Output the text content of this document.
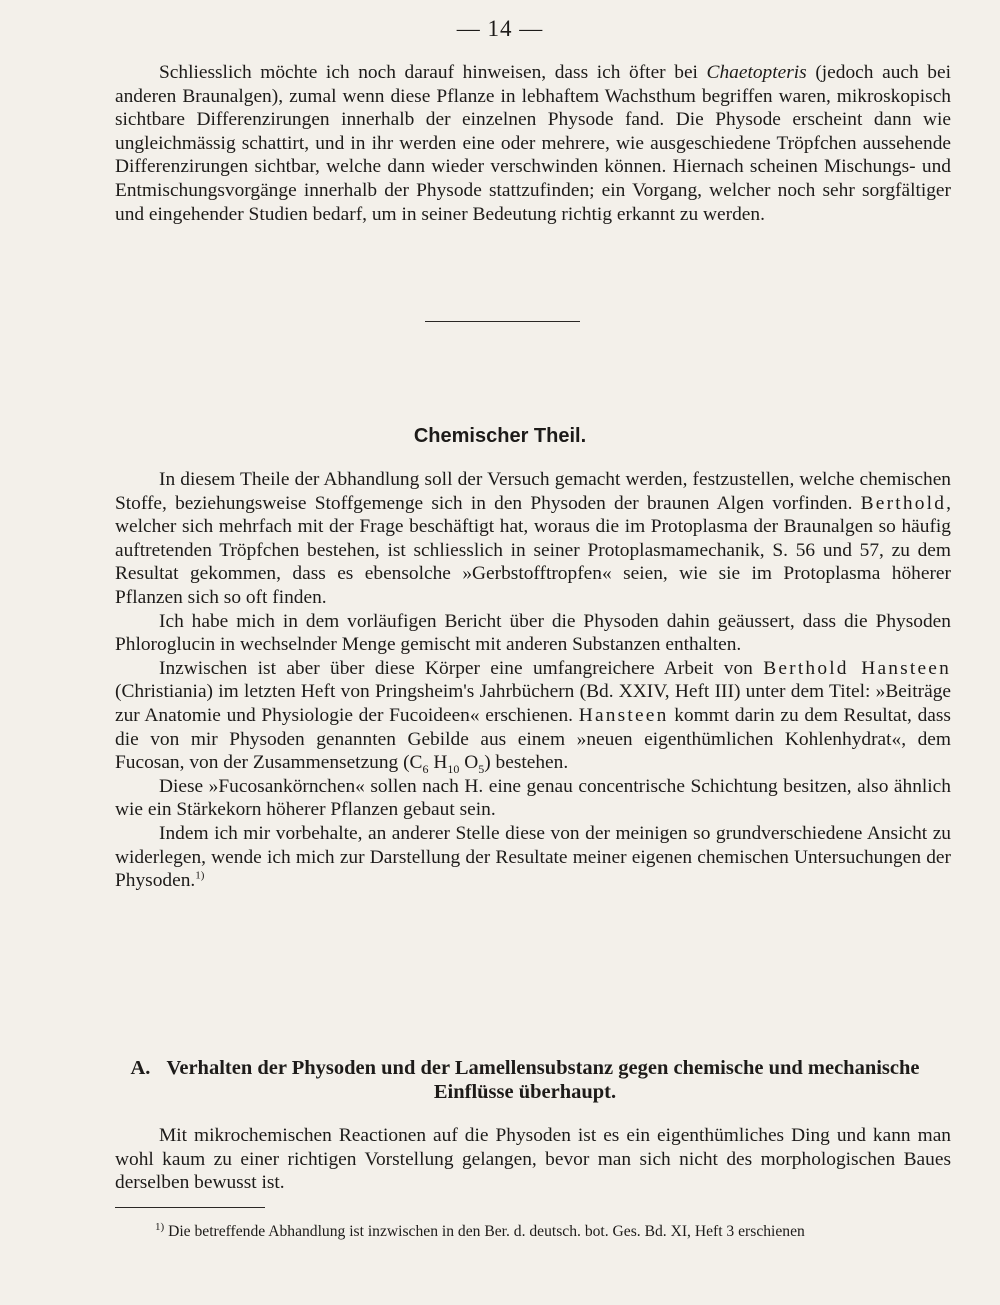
— 14 —

Schliesslich möchte ich noch darauf hinweisen, dass ich öfter bei Chaetopteris (jedoch auch bei anderen Braunalgen), zumal wenn diese Pflanze in lebhaftem Wachsthum begriffen waren, mikroskopisch sichtbare Differenzirungen innerhalb der einzelnen Physode fand. Die Physode erscheint dann wie ungleichmässig schattirt, und in ihr werden eine oder mehrere, wie ausgeschiedene Tröpfchen aussehende Differenzirungen sichtbar, welche dann wieder verschwinden können. Hiernach scheinen Mischungs- und Entmischungsvorgänge innerhalb der Physode stattzufinden; ein Vorgang, welcher noch sehr sorgfältiger und eingehender Studien bedarf, um in seiner Bedeutung richtig erkannt zu werden.

Chemischer Theil.

In diesem Theile der Abhandlung soll der Versuch gemacht werden, festzustellen, welche chemischen Stoffe, beziehungsweise Stoffgemenge sich in den Physoden der braunen Algen vorfinden. Berthold, welcher sich mehrfach mit der Frage beschäftigt hat, woraus die im Protoplasma der Braunalgen so häufig auftretenden Tröpfchen bestehen, ist schliesslich in seiner Protoplasmamechanik, S. 56 und 57, zu dem Resultat gekommen, dass es ebensolche »Gerbstofftropfen« seien, wie sie im Protoplasma höherer Pflanzen sich so oft finden.

Ich habe mich in dem vorläufigen Bericht über die Physoden dahin geäussert, dass die Physoden Phloroglucin in wechselnder Menge gemischt mit anderen Substanzen enthalten.

Inzwischen ist aber über diese Körper eine umfangreichere Arbeit von Berthold Hansteen (Christiania) im letzten Heft von Pringsheim's Jahrbüchern (Bd. XXIV, Heft III) unter dem Titel: »Beiträge zur Anatomie und Physiologie der Fucoideen« erschienen. Hansteen kommt darin zu dem Resultat, dass die von mir Physoden genannten Gebilde aus einem »neuen eigenthümlichen Kohlenhydrat«, dem Fucosan, von der Zusammensetzung ($C_6$ $H_{10}$ $O_5$) bestehen.

Diese »Fucosankörnchen« sollen nach H. eine genau concentrische Schichtung besitzen, also ähnlich wie ein Stärkekorn höherer Pflanzen gebaut sein.

Indem ich mir vorbehalte, an anderer Stelle diese von der meinigen so grundverschiedene Ansicht zu widerlegen, wende ich mich zur Darstellung der Resultate meiner eigenen chemischen Untersuchungen der Physoden.$^{1)}$

A. Verhalten der Physoden und der Lamellensubstanz gegen chemische und mechanische Einflüsse überhaupt.

Mit mikrochemischen Reactionen auf die Physoden ist es ein eigenthümliches Ding und kann man wohl kaum zu einer richtigen Vorstellung gelangen, bevor man sich nicht des morphologischen Baues derselben bewusst ist.

$^{1)}$ Die betreffende Abhandlung ist inzwischen in den Ber. d. deutsch. bot. Ges. Bd. XI, Heft 3 erschienen
